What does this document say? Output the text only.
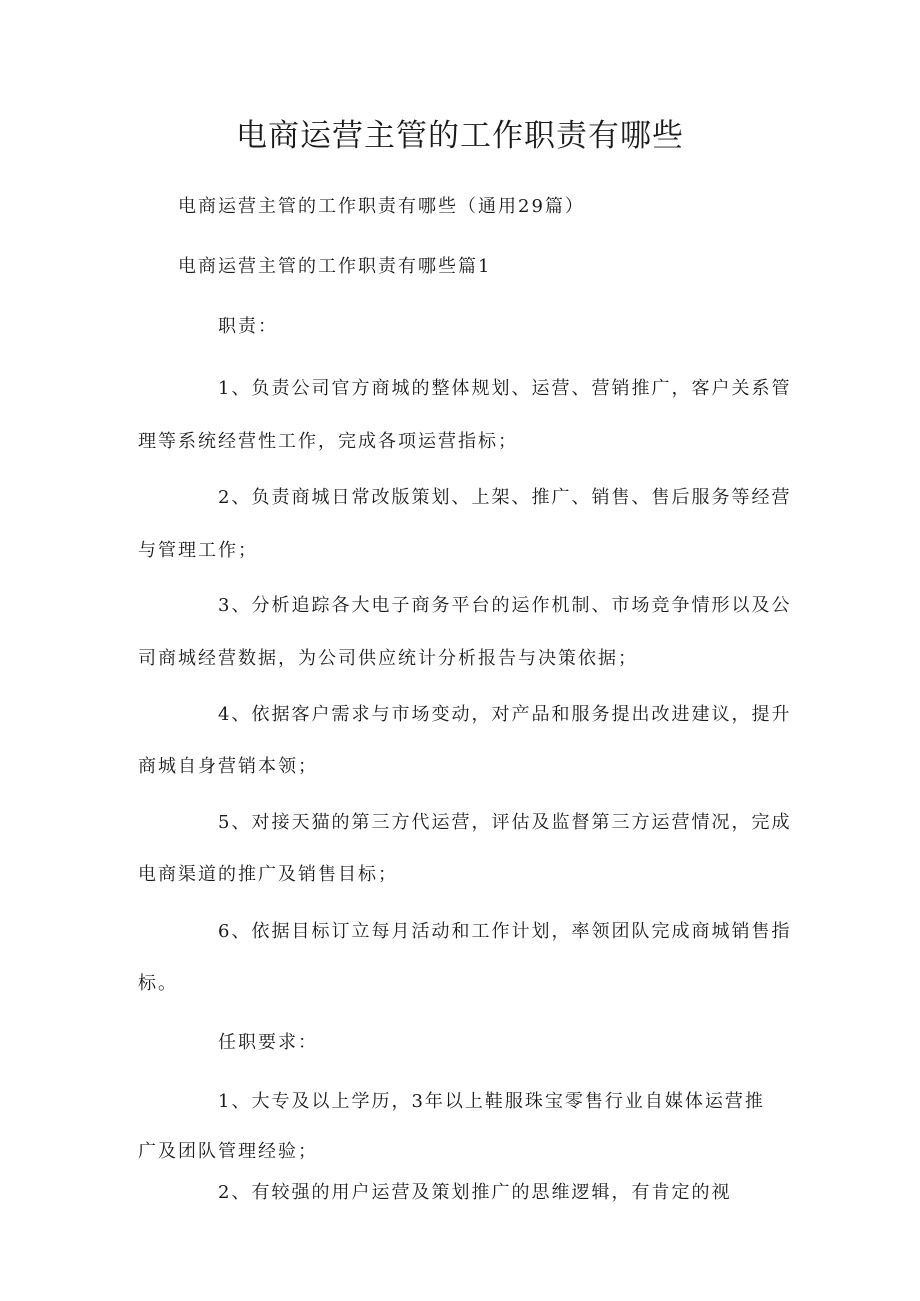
电商运营主管的工作职责有哪些

电商运营主管的工作职责有哪些（通用29篇）

电商运营主管的工作职责有哪些篇1

职责：

1、负责公司官方商城的整体规划、运营、营销推广，客户关系管

理等系统经营性工作，完成各项运营指标；

2、负责商城日常改版策划、上架、推广、销售、售后服务等经营

与管理工作；

3、分析追踪各大电子商务平台的运作机制、市场竞争情形以及公

司商城经营数据，为公司供应统计分析报告与决策依据；

4、依据客户需求与市场变动，对产品和服务提出改进建议，提升

商城自身营销本领；

5、对接天猫的第三方代运营，评估及监督第三方运营情况，完成

电商渠道的推广及销售目标；

6、依据目标订立每月活动和工作计划，率领团队完成商城销售指

标。

任职要求：

1、大专及以上学历，3年以上鞋服珠宝零售行业自媒体运营推

广及团队管理经验；

2、有较强的用户运营及策划推广的思维逻辑，有肯定的视
